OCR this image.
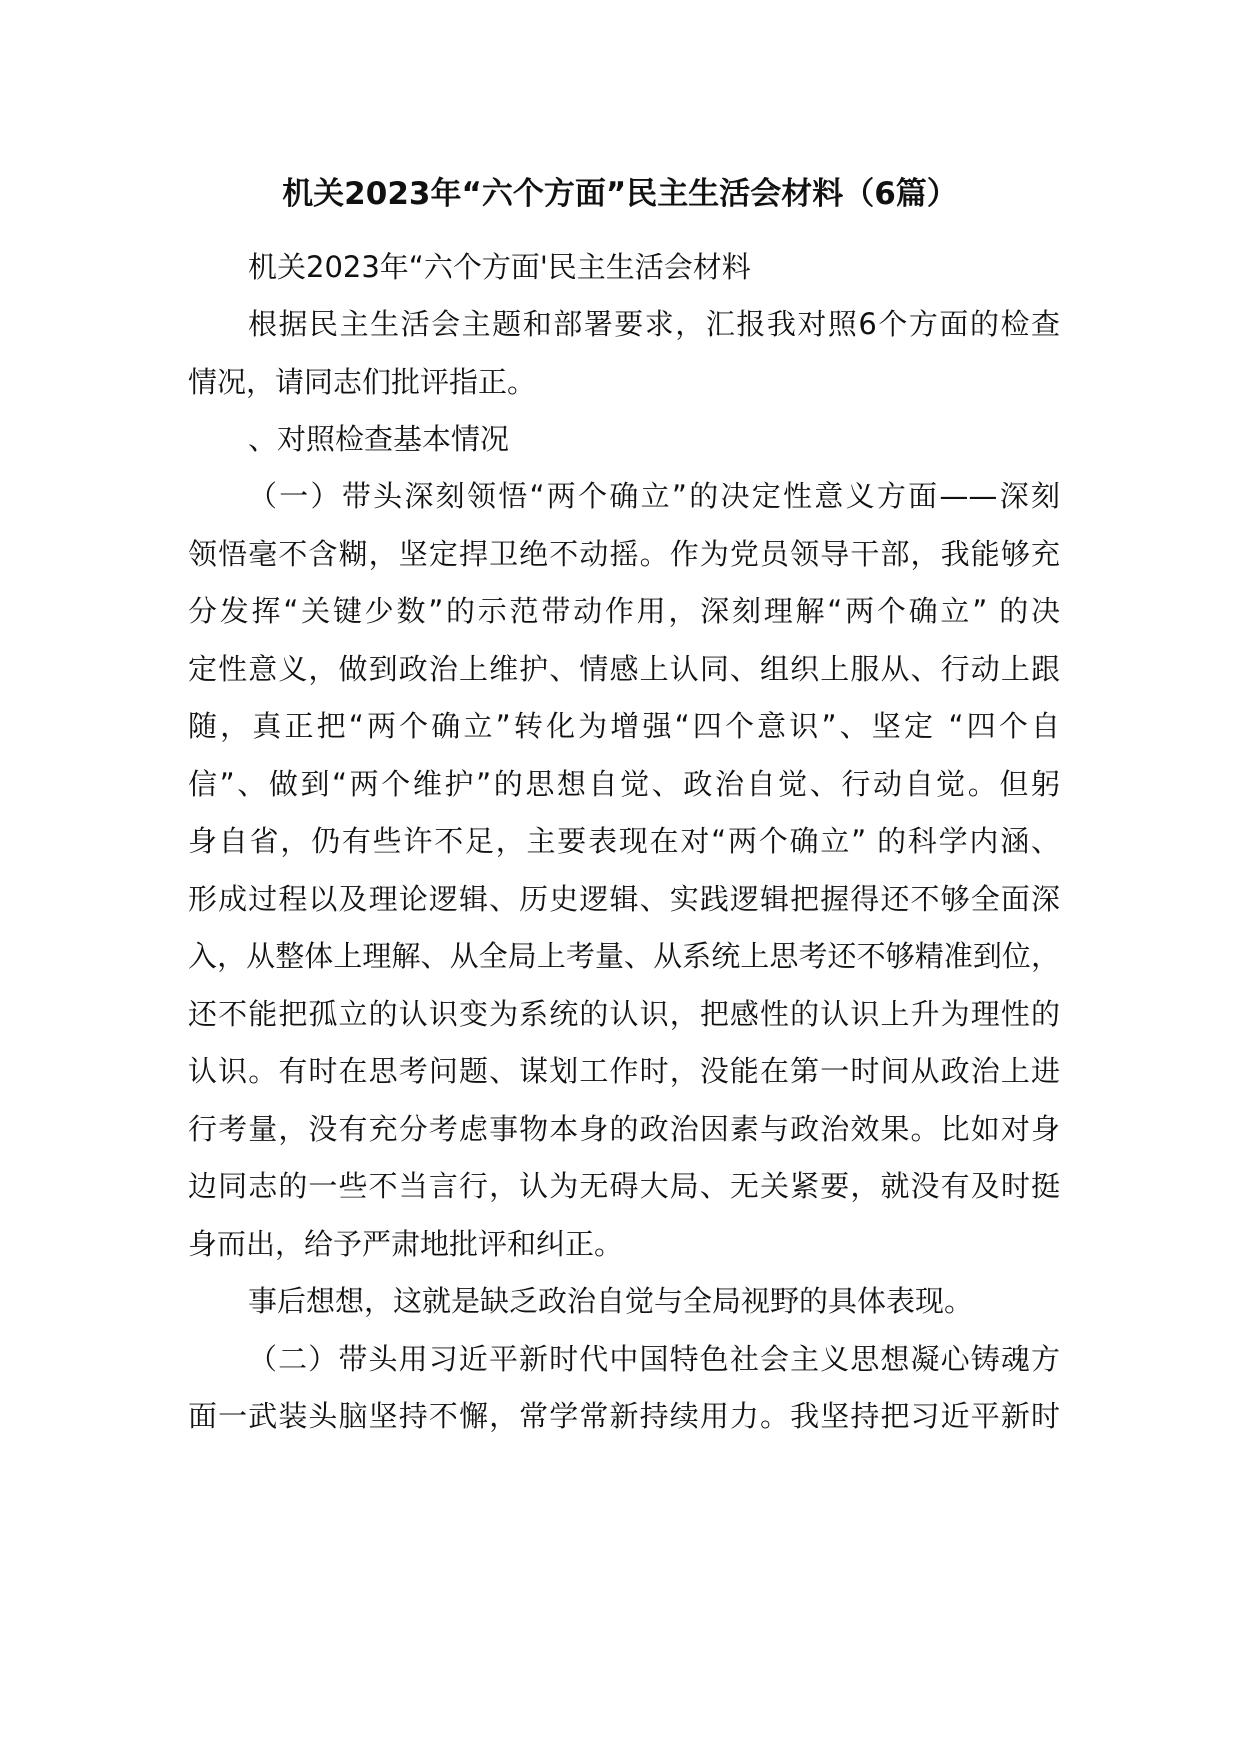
机关2023年“六个方面”民主生活会材料（6篇）
机关2023年“六个方面'民主生活会材料
根据民主生活会主题和部署要求，汇报我对照6个方面的检查
情况，请同志们批评指正。
、对照检查基本情况
（一）带头深刻领悟“两个确立”的决定性意义方面——深刻
领悟毫不含糊，坚定捍卫绝不动摇。作为党员领导干部，我能够充
分发挥“关键少数”的示范带动作用，深刻理解“两个确立” 的决
定性意义，做到政治上维护、情感上认同、组织上服从、行动上跟
随，真正把“两个确立”转化为增强“四个意识”、坚定 “四个自
信”、做到“两个维护”的思想自觉、政治自觉、行动自觉。但躬
身自省，仍有些许不足，主要表现在对“两个确立” 的科学内涵、
形成过程以及理论逻辑、历史逻辑、实践逻辑把握得还不够全面深
入，从整体上理解、从全局上考量、从系统上思考还不够精准到位，
还不能把孤立的认识变为系统的认识，把感性的认识上升为理性的
认识。有时在思考问题、谋划工作时，没能在第一时间从政治上进
行考量，没有充分考虑事物本身的政治因素与政治效果。比如对身
边同志的一些不当言行，认为无碍大局、无关紧要，就没有及时挺
身而出，给予严肃地批评和纠正。
事后想想，这就是缺乏政治自觉与全局视野的具体表现。
（二）带头用习近平新时代中国特色社会主义思想凝心铸魂方
面一武装头脑坚持不懈，常学常新持续用力。我坚持把习近平新时
